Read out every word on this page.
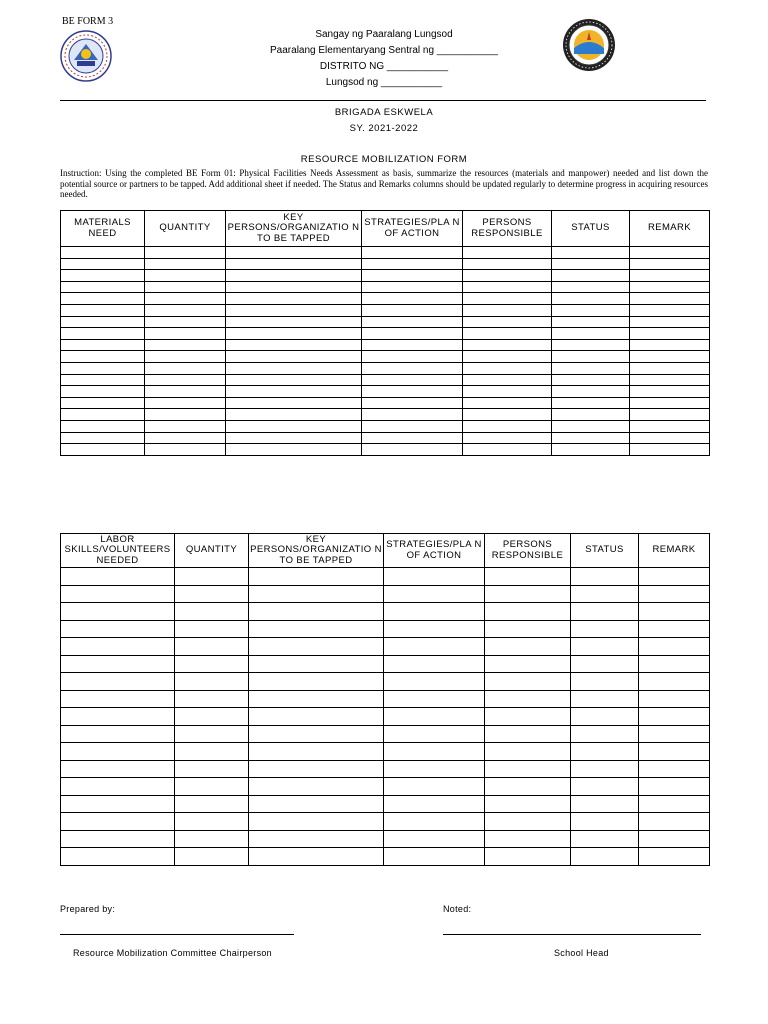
BE FORM 3
Sangay ng Paaralang Lungsod
Paaralang Elementaryang Sentral ng ___________
DISTRITO NG ___________
Lungsod ng ___________
BRIGADA ESKWELA
SY. 2021-2022
RESOURCE MOBILIZATION FORM
Instruction: Using the completed BE Form 01: Physical Facilities Needs Assessment as basis, summarize the resources (materials and manpower) needed and list down the potential source or partners to be tapped. Add additional sheet if needed. The Status and Remarks columns should be updated regularly to determine progress in acquiring resources needed.
MATERIALS NEED	QUANTITY	KEY PERSONS/ORGANIZATIO N TO BE TAPPED	STRATEGIES/PLA N OF ACTION	PERSONS RESPONSIBLE	STATUS	REMARK

LABOR SKILLS/VOLUNTEERS NEEDED	QUANTITY	KEY PERSONS/ORGANIZATIO N TO BE TAPPED	STRATEGIES/PLA N OF ACTION	PERSONS RESPONSIBLE	STATUS	REMARK

Prepared by:	Noted:
Resource Mobilization Committee Chairperson	School Head
